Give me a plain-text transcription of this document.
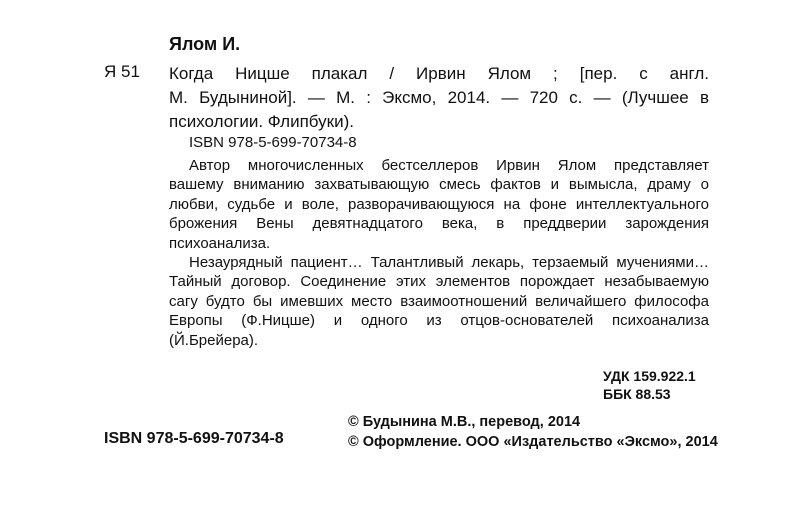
Ялом И.
Я 51 Когда Ницше плакал / Ирвин Ялом ; [пер. с англ.
М. Будыниной]. — М. : Эксмо, 2014. — 720 с. — (Лучшее в
психологии. Флипбуки).
ISBN 978-5-699-70734-8
Автор многочисленных бестселлеров Ирвин Ялом представляет
вашему вниманию захватывающую смесь фактов и вымысла, драму о
любви, судьбе и воле, разворачивающуюся на фоне интеллектуального
брожения Вены девятнадцатого века, в преддверии зарождения
психоанализа.
Незаурядный пациент… Талантливый лекарь, терзаемый мучениями…
Тайный договор. Соединение этих элементов порождает незабываемую
сагу будто бы имевших место взаимоотношений величайшего философа
Европы (Ф.Ницше) и одного из отцов-основателей психоанализа
(Й.Брейера).
УДК 159.922.1
ББК 88.53
ISBN 978-5-699-70734-8
© Будынина М.В., перевод, 2014
© Оформление. ООО «Издательство «Эксмо», 2014
